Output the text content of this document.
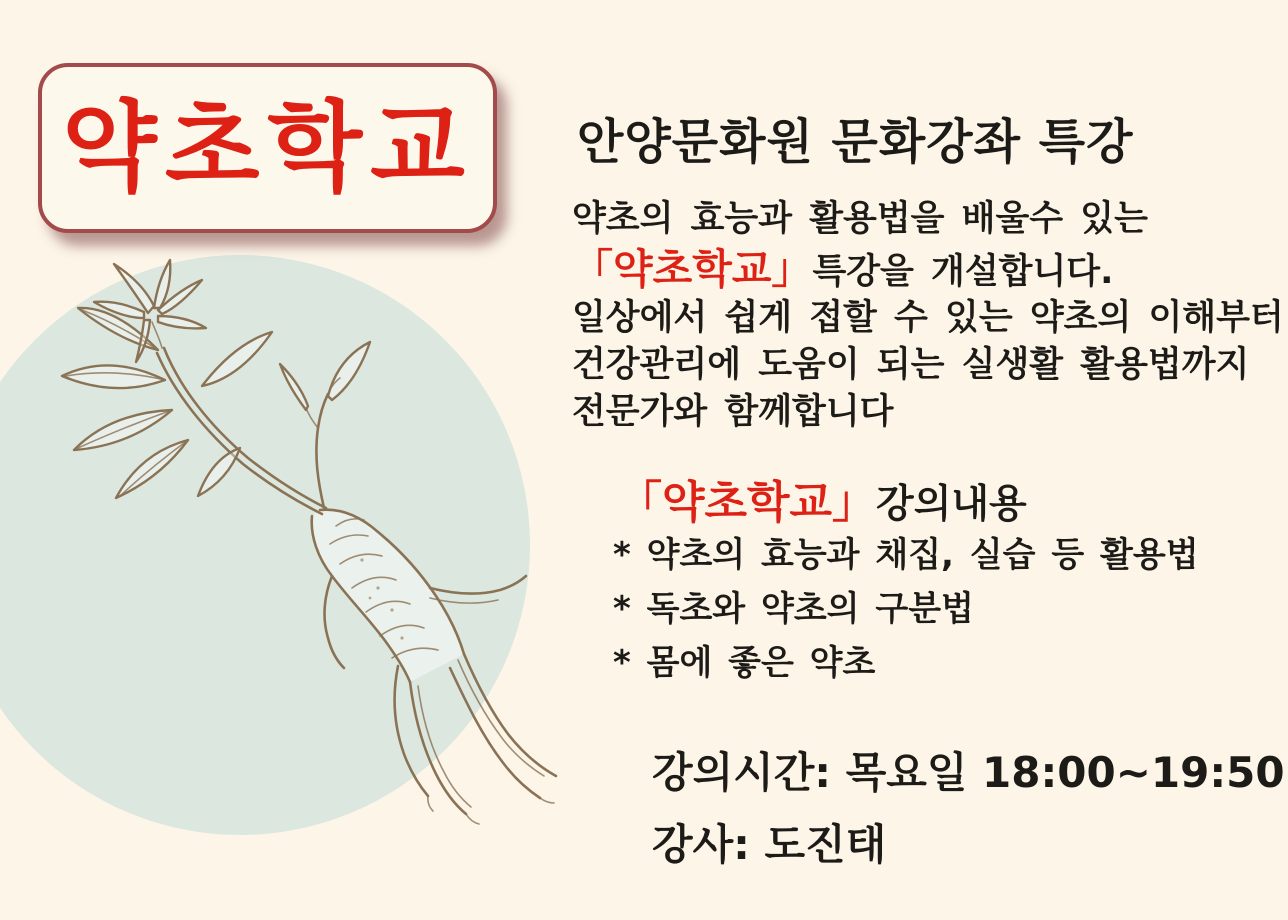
약초학교 안양문화원 문화강좌 특강
약초의 효능과 활용법을 배울수 있는
「약초학교」특강을 개설합니다.
일상에서 쉽게 접할 수 있는 약초의 이해부터
건강관리에 도움이 되는 실생활 활용법까지
전문가와 함께합니다
「약초학교」강의내용
* 약초의 효능과 채집, 실습 등 활용법
* 독초와 약초의 구분법
* 몸에 좋은 약초
강의시간: 목요일 18:00~19:50
강사: 도진태
